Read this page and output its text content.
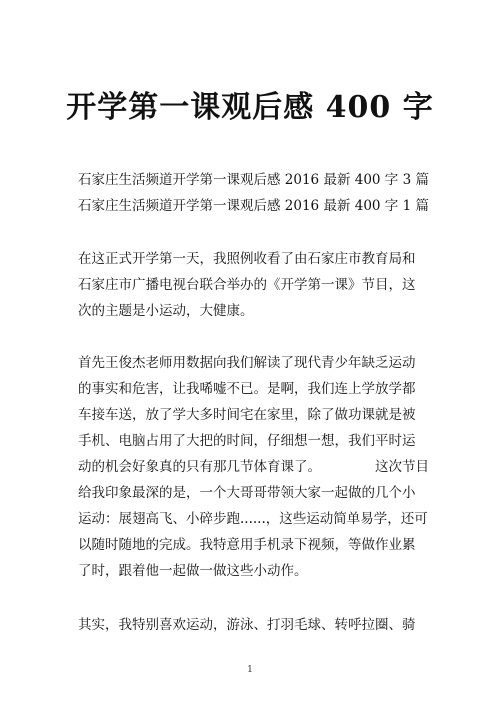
开学第一课观后感 400 字
石家庄生活频道开学第一课观后感 2016 最新 400 字 3 篇
石家庄生活频道开学第一课观后感 2016 最新 400 字 1 篇
在这正式开学第一天，我照例收看了由石家庄市教育局和
石家庄市广播电视台联合举办的《开学第一课》节目，这
次的主题是小运动，大健康。
首先王俊杰老师用数据向我们解读了现代青少年缺乏运动
的事实和危害，让我唏嘘不已。是啊，我们连上学放学都
车接车送，放了学大多时间宅在家里，除了做功课就是被
手机、电脑占用了大把的时间，仔细想一想，我们平时运
动的机会好象真的只有那几节体育课了。	这次节目
给我印象最深的是，一个大哥哥带领大家一起做的几个小
运动：展翅高飞、小碎步跑......，这些运动简单易学，还可
以随时随地的完成。我特意用手机录下视频，等做作业累
了时，跟着他一起做一做这些小动作。
其实，我特别喜欢运动，游泳、打羽毛球、转呼拉圈、骑
1
